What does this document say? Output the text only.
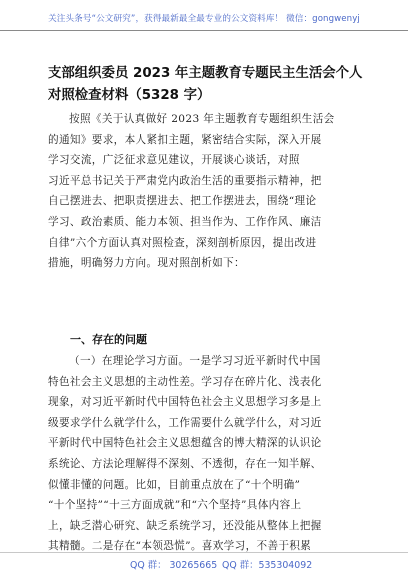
关注头条号“公文研究”，获得最新最全最专业的公文资料库！ 微信：gongwenyj
支部组织委员 2023 年主题教育专题民主生活会个人
对照检查材料（5328 字）
按照《关于认真做好 2023 年主题教育专题组织生活会
的通知》要求，本人紧扣主题，紧密结合实际，深入开展
学习交流，广泛征求意见建议，开展谈心谈话，对照
习近平总书记关于严肃党内政治生活的重要指示精神，把
自己摆进去、把职责摆进去、把工作摆进去，围绕“理论
学习、政治素质、能力本领、担当作为、工作作风、廉洁
自律”六个方面认真对照检查，深刻剖析原因，提出改进
措施，明确努力方向。现对照剖析如下：
一、存在的问题
（一）在理论学习方面。一是学习习近平新时代中国
特色社会主义思想的主动性差。学习存在碎片化、浅表化
现象，对习近平新时代中国特色社会主义思想学习多是上
级要求学什么就学什么，工作需要什么就学什么，对习近
平新时代中国特色社会主义思想蕴含的博大精深的认识论
系统论、方法论理解得不深刻、不透彻，存在一知半解、
似懂非懂的问题。比如，目前重点放在了“十个明确”
“十个坚持”“十三方面成就”和“六个坚持”具体内容上
上，缺乏潜心研究、缺乏系统学习，还没能从整体上把握
其精髓。二是存在“本领恐慌”。喜欢学习，不善于积累
QQ 群： 30265665 QQ 群：535304092
